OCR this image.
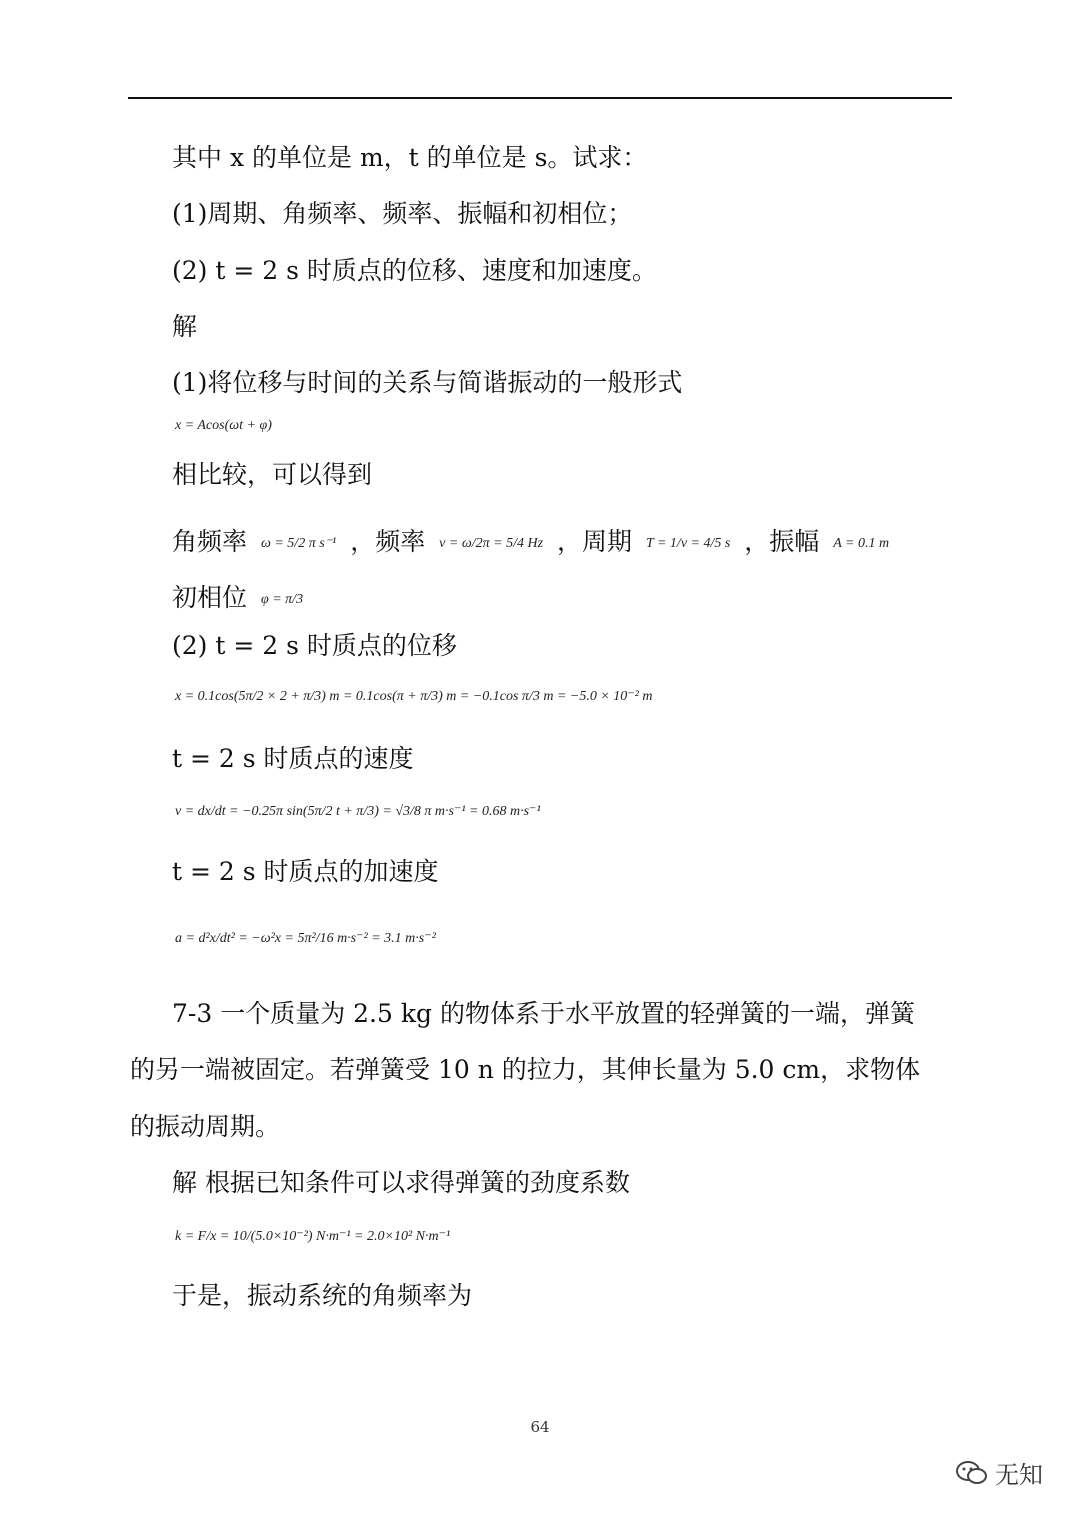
其中 x 的单位是 m，t 的单位是 s。试求：
(1)周期、角频率、频率、振幅和初相位；
(2) t = 2 s 时质点的位移、速度和加速度。
解
(1)将位移与时间的关系与简谐振动的一般形式
x = Acos(ωt + φ)
相比较，可以得到
角频率 ω = 5/2 π s⁻¹ ，频率 ν = ω/2π = 5/4 Hz ，周期 T = 1/ν = 4/5 s ，振幅 A = 0.1 m
初相位 φ = π/3
(2) t = 2 s 时质点的位移
x = 0.1cos(5π/2 × 2 + π/3) m = 0.1cos(π + π/3) m = −0.1cos π/3 m = −5.0 × 10⁻² m
t = 2 s 时质点的速度
v = dx/dt = −0.25π sin(5π/2 t + π/3) = √3/8 π m·s⁻¹ = 0.68 m·s⁻¹
t = 2 s 时质点的加速度
a = d²x/dt² = −ω²x = 5π²/16 m·s⁻² = 3.1 m·s⁻²
7-3 一个质量为 2.5 kg 的物体系于水平放置的轻弹簧的一端，弹簧
的另一端被固定。若弹簧受 10 n 的拉力，其伸长量为 5.0 cm，求物体
的振动周期。
解 根据已知条件可以求得弹簧的劲度系数
k = F/x = 10/(5.0×10⁻²) N·m⁻¹ = 2.0×10² N·m⁻¹
于是，振动系统的角频率为
64
无知
